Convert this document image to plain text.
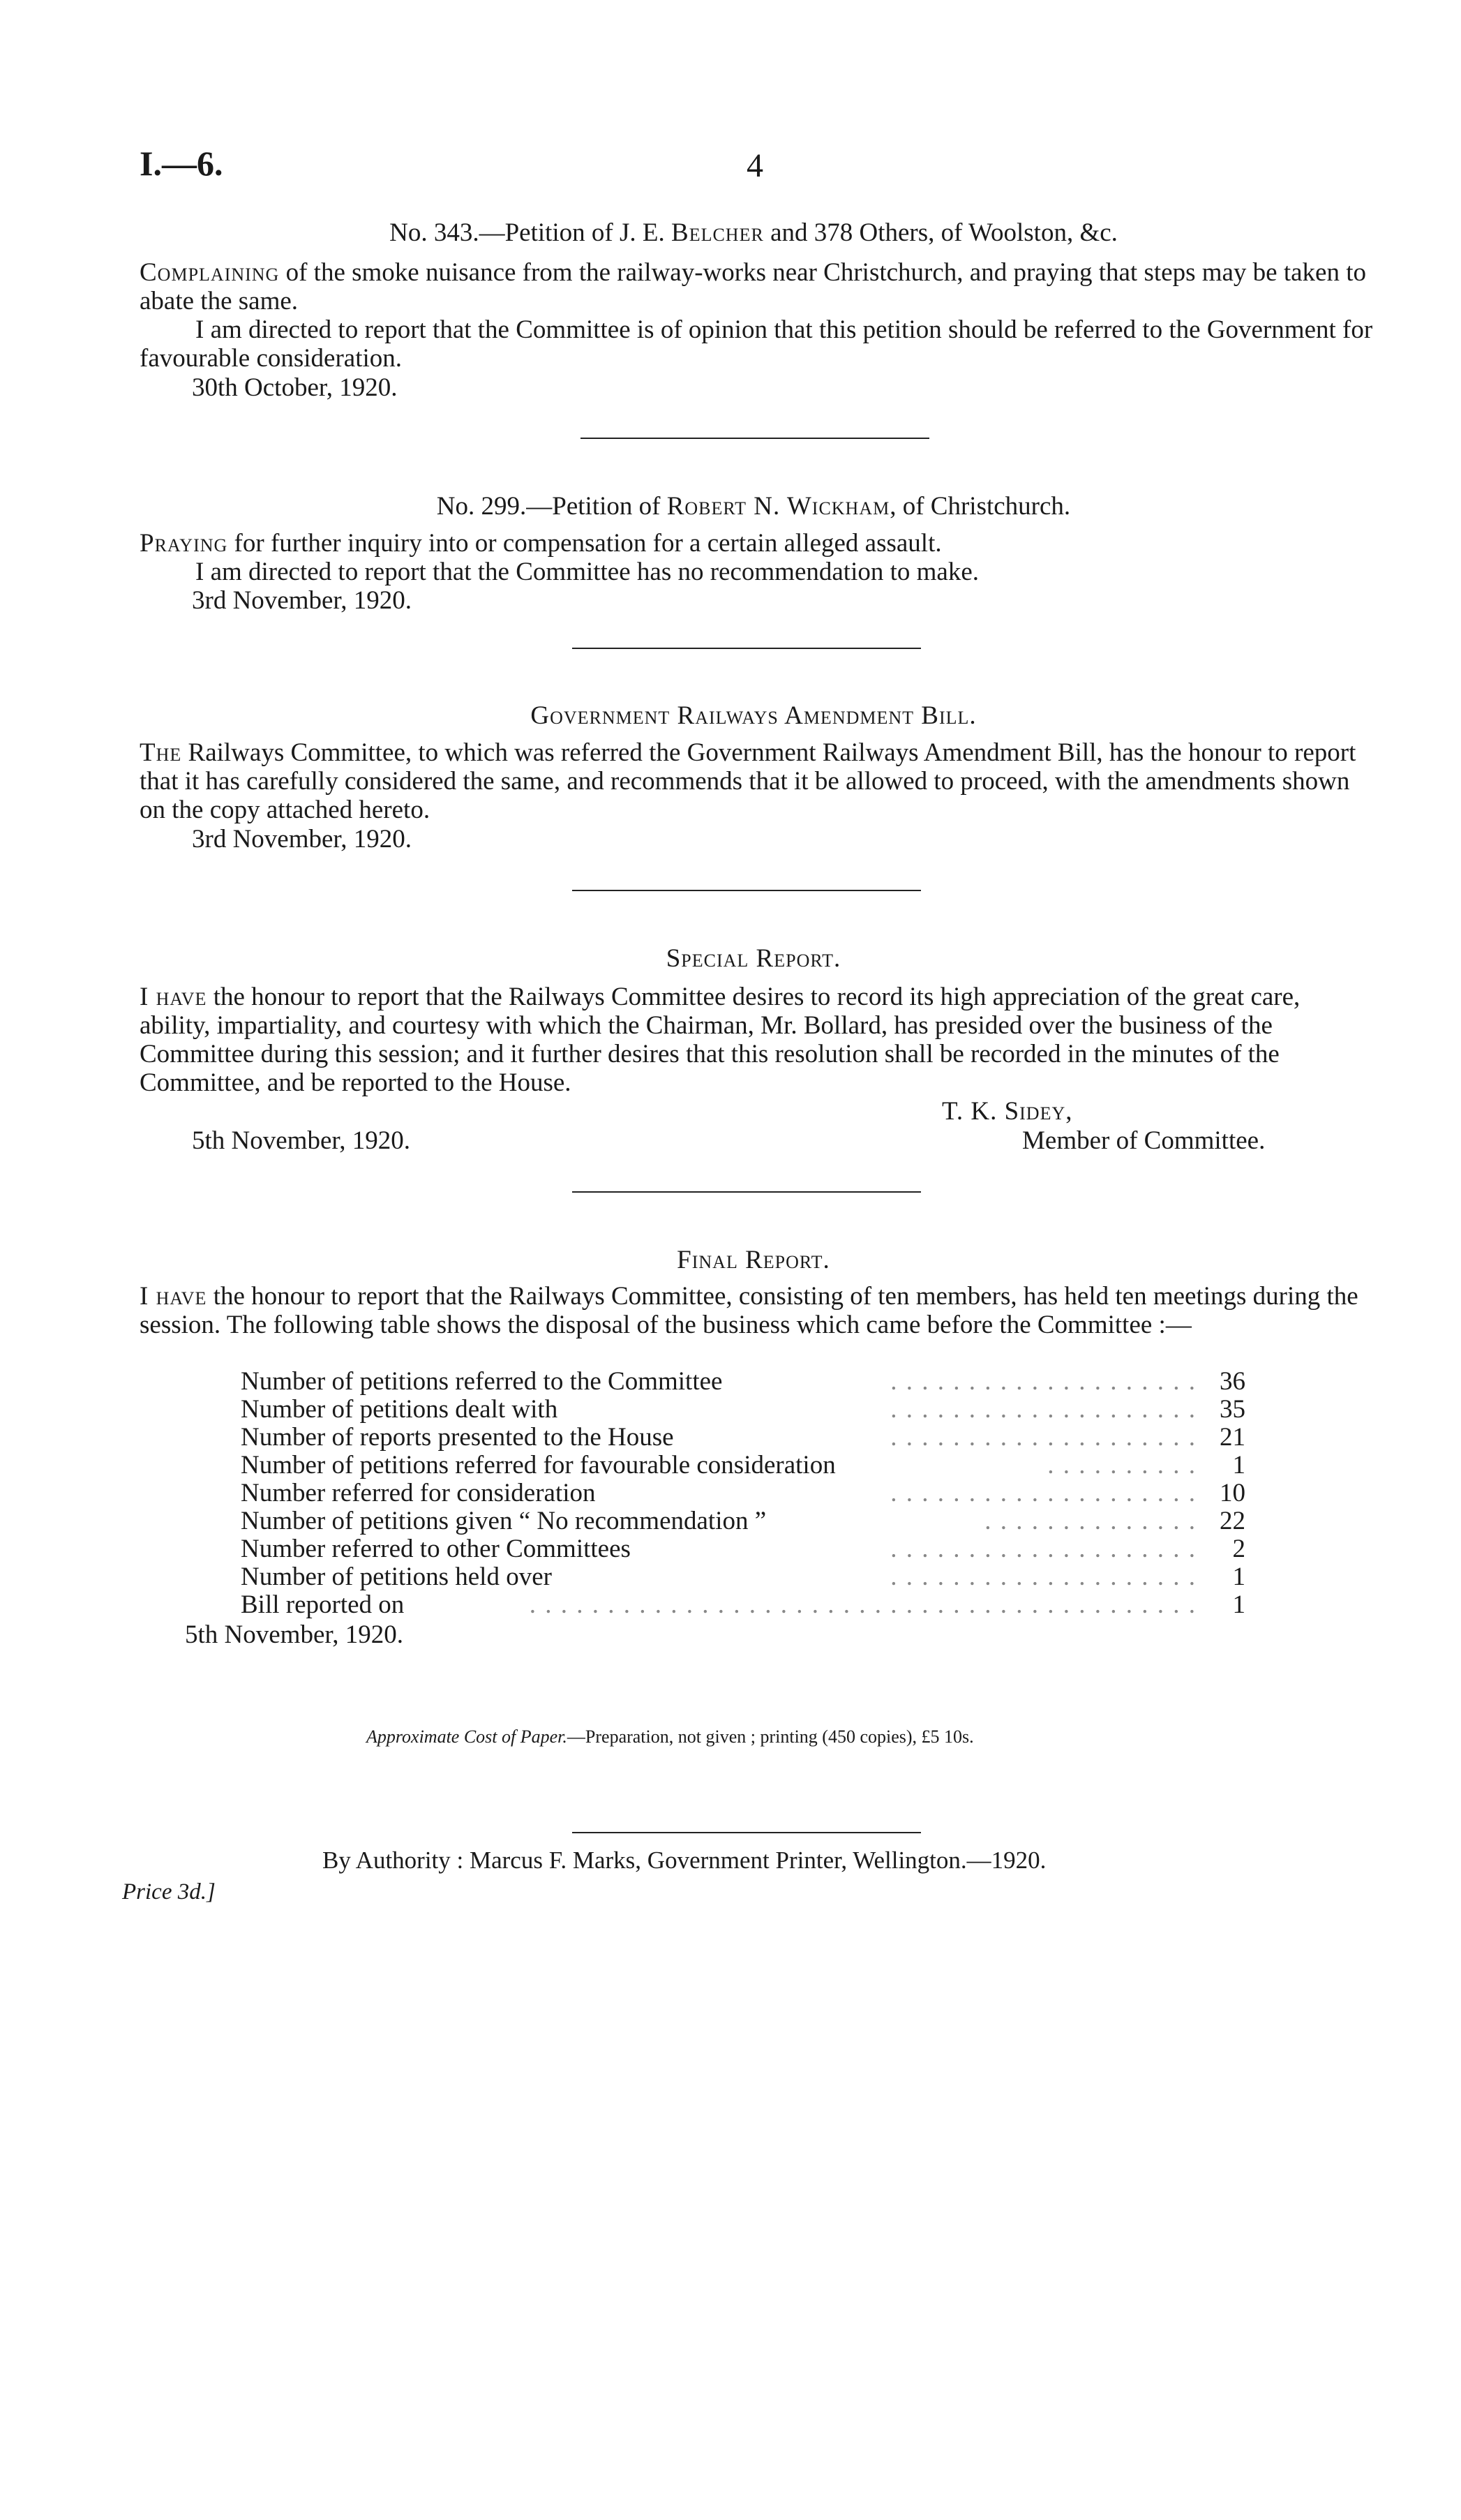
I.—6.	4
No. 343.—Petition of J. E. Belcher and 378 Others, of Woolston, &c.
Complaining of the smoke nuisance from the railway-works near Christchurch, and praying that steps may be taken to abate the same.
I am directed to report that the Committee is of opinion that this petition should be referred to the Government for favourable consideration.
30th October, 1920.
No. 299.—Petition of Robert N. Wickham, of Christchurch.
Praying for further inquiry into or compensation for a certain alleged assault.
I am directed to report that the Committee has no recommendation to make.
3rd November, 1920.
Government Railways Amendment Bill.
The Railways Committee, to which was referred the Government Railways Amendment Bill, has the honour to report that it has carefully considered the same, and recommends that it be allowed to proceed, with the amendments shown on the copy attached hereto.
3rd November, 1920.
Special Report.
I have the honour to report that the Railways Committee desires to record its high appreciation of the great care, ability, impartiality, and courtesy with which the Chairman, Mr. Bollard, has presided over the business of the Committee during this session; and it further desires that this resolution shall be recorded in the minutes of the Committee, and be reported to the House.
T. K. Sidey,
5th November, 1920.	Member of Committee.
Final Report.
I have the honour to report that the Railways Committee, consisting of ten members, has held ten meetings during the session. The following table shows the disposal of the business which came before the Committee :—
Number of petitions referred to the Committee	. . . . . . . . . . . . . . . . . . . . 36
Number of petitions dealt with	. . . . . . . . . . . . . . . . . . . . 35
Number of reports presented to the House	. . . . . . . . . . . . . . . . . . . . 21
Number of petitions referred for favourable consideration	. . . . . . . . . .	1
Number referred for consideration	. . . . . . . . . . . . . . . . . . . . 10
Number of petitions given “ No recommendation ”	. . . . . . . . . . . . . . 22
Number referred to other Committees	. . . . . . . . . . . . . . . . . . . .	2
Number of petitions held over	. . . . . . . . . . . . . . . . . . . .	1
Bill reported on	. . . . . . . . . . . . . . . . . . . . . . . . . . . . . . . . . . . . . . . . . . .	1
5th November, 1920.
Approximate Cost of Paper.—Preparation, not given ; printing (450 copies), £5 10s.
By Authority : Marcus F. Marks, Government Printer, Wellington.—1920.
Price 3d.]
